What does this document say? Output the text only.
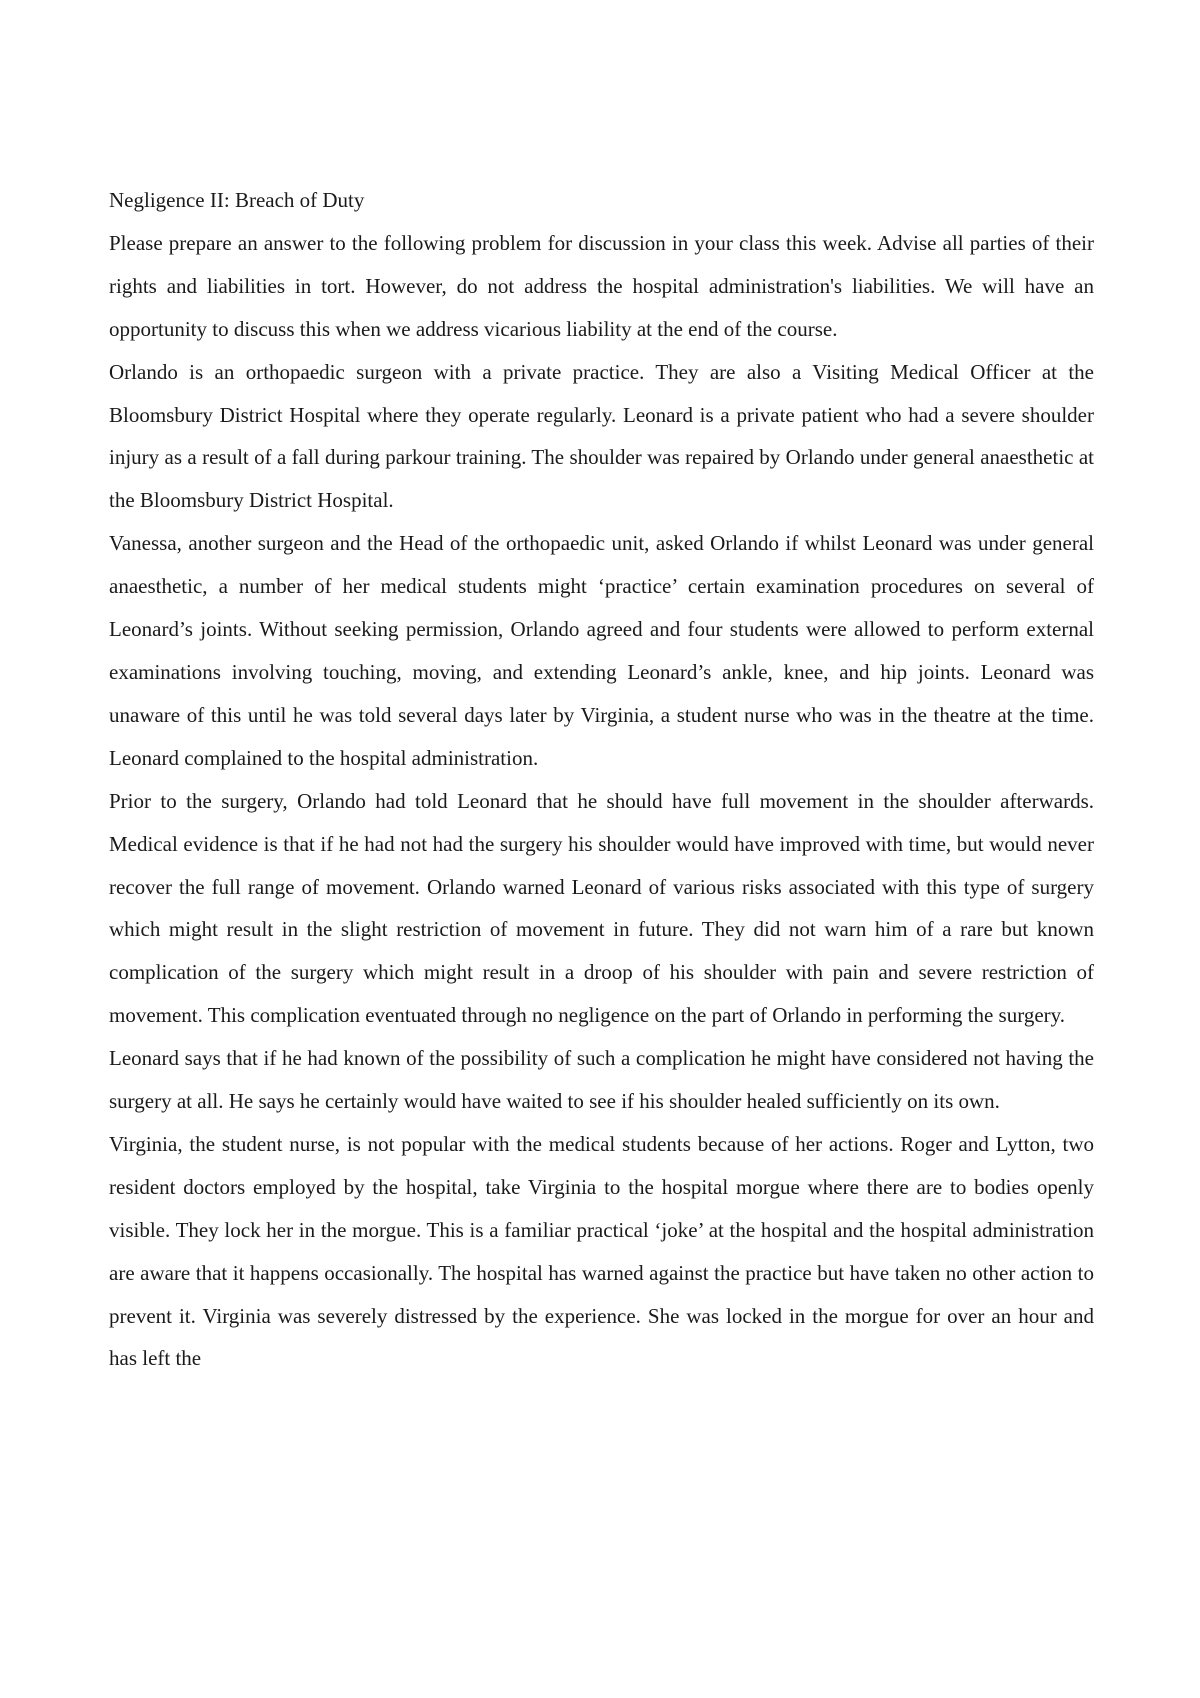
Negligence II: Breach of Duty

Please prepare an answer to the following problem for discussion in your class this week. Advise all parties of their rights and liabilities in tort. However, do not address the hospital administration's liabilities. We will have an opportunity to discuss this when we address vicarious liability at the end of the course.

Orlando is an orthopaedic surgeon with a private practice. They are also a Visiting Medical Officer at the Bloomsbury District Hospital where they operate regularly. Leonard is a private patient who had a severe shoulder injury as a result of a fall during parkour training. The shoulder was repaired by Orlando under general anaesthetic at the Bloomsbury District Hospital.

Vanessa, another surgeon and the Head of the orthopaedic unit, asked Orlando if whilst Leonard was under general anaesthetic, a number of her medical students might ‘practice’ certain examination procedures on several of Leonard’s joints. Without seeking permission, Orlando agreed and four students were allowed to perform external examinations involving touching, moving, and extending Leonard’s ankle, knee, and hip joints. Leonard was unaware of this until he was told several days later by Virginia, a student nurse who was in the theatre at the time. Leonard complained to the hospital administration.

Prior to the surgery, Orlando had told Leonard that he should have full movement in the shoulder afterwards. Medical evidence is that if he had not had the surgery his shoulder would have improved with time, but would never recover the full range of movement. Orlando warned Leonard of various risks associated with this type of surgery which might result in the slight restriction of movement in future. They did not warn him of a rare but known complication of the surgery which might result in a droop of his shoulder with pain and severe restriction of movement. This complication eventuated through no negligence on the part of Orlando in performing the surgery.

Leonard says that if he had known of the possibility of such a complication he might have considered not having the surgery at all. He says he certainly would have waited to see if his shoulder healed sufficiently on its own.

Virginia, the student nurse, is not popular with the medical students because of her actions. Roger and Lytton, two resident doctors employed by the hospital, take Virginia to the hospital morgue where there are to bodies openly visible. They lock her in the morgue. This is a familiar practical ‘joke’ at the hospital and the hospital administration are aware that it happens occasionally. The hospital has warned against the practice but have taken no other action to prevent it. Virginia was severely distressed by the experience. She was locked in the morgue for over an hour and has left the
